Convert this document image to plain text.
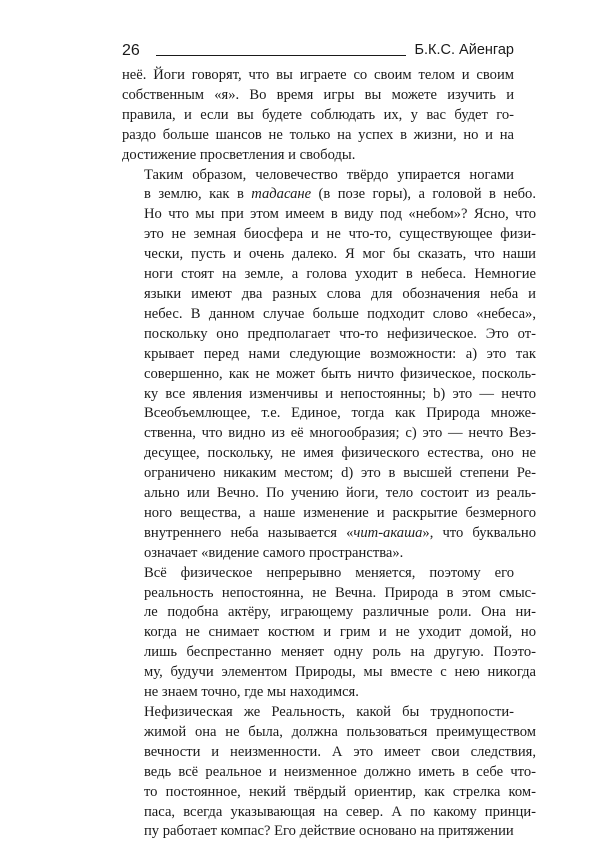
26	Б.К.С. Айенгар

неё. Йоги говорят, что вы играете со своим телом и своим
собственным «я». Во время игры вы можете изучить и
правила, и если вы будете соблюдать их, у вас будет го-
раздо больше шансов не только на успех в жизни, но и на
достижение просветления и свободы.

Таким образом, человечество твёрдо упирается ногами
в землю, как в тадасане (в позе горы), а головой в небо.
Но что мы при этом имеем в виду под «небом»? Ясно, что
это не земная биосфера и не что-то, существующее физи-
чески, пусть и очень далеко. Я мог бы сказать, что наши
ноги стоят на земле, а голова уходит в небеса. Немногие
языки имеют два разных слова для обозначения неба и
небес. В данном случае больше подходит слово «небеса»,
поскольку оно предполагает что-то нефизическое. Это от-
крывает перед нами следующие возможности: а) это так
совершенно, как не может быть ничто физическое, посколь-
ку все явления изменчивы и непостоянны; b) это — нечто
Всеобъемлющее, т.е. Единое, тогда как Природа множе-
ственна, что видно из её многообразия; c) это — нечто Вез-
десущее, поскольку, не имея физического естества, оно не
ограничено никаким местом; d) это в высшей степени Ре-
ально или Вечно. По учению йоги, тело состоит из реаль-
ного вещества, а наше изменение и раскрытие безмерного
внутреннего неба называется «чит-акаша», что буквально
означает «видение самого пространства».

Всё физическое непрерывно меняется, поэтому его
реальность непостоянна, не Вечна. Природа в этом смыс-
ле подобна актёру, играющему различные роли. Она ни-
когда не снимает костюм и грим и не уходит домой, но
лишь беспрестанно меняет одну роль на другую. Поэто-
му, будучи элементом Природы, мы вместе с нею никогда
не знаем точно, где мы находимся.

Нефизическая же Реальность, какой бы труднопости-
жимой она не была, должна пользоваться преимуществом
вечности и неизменности. А это имеет свои следствия,
ведь всё реальное и неизменное должно иметь в себе что-
то постоянное, некий твёрдый ориентир, как стрелка ком-
паса, всегда указывающая на север. А по какому принци-
пу работает компас? Его действие основано на притяжении
